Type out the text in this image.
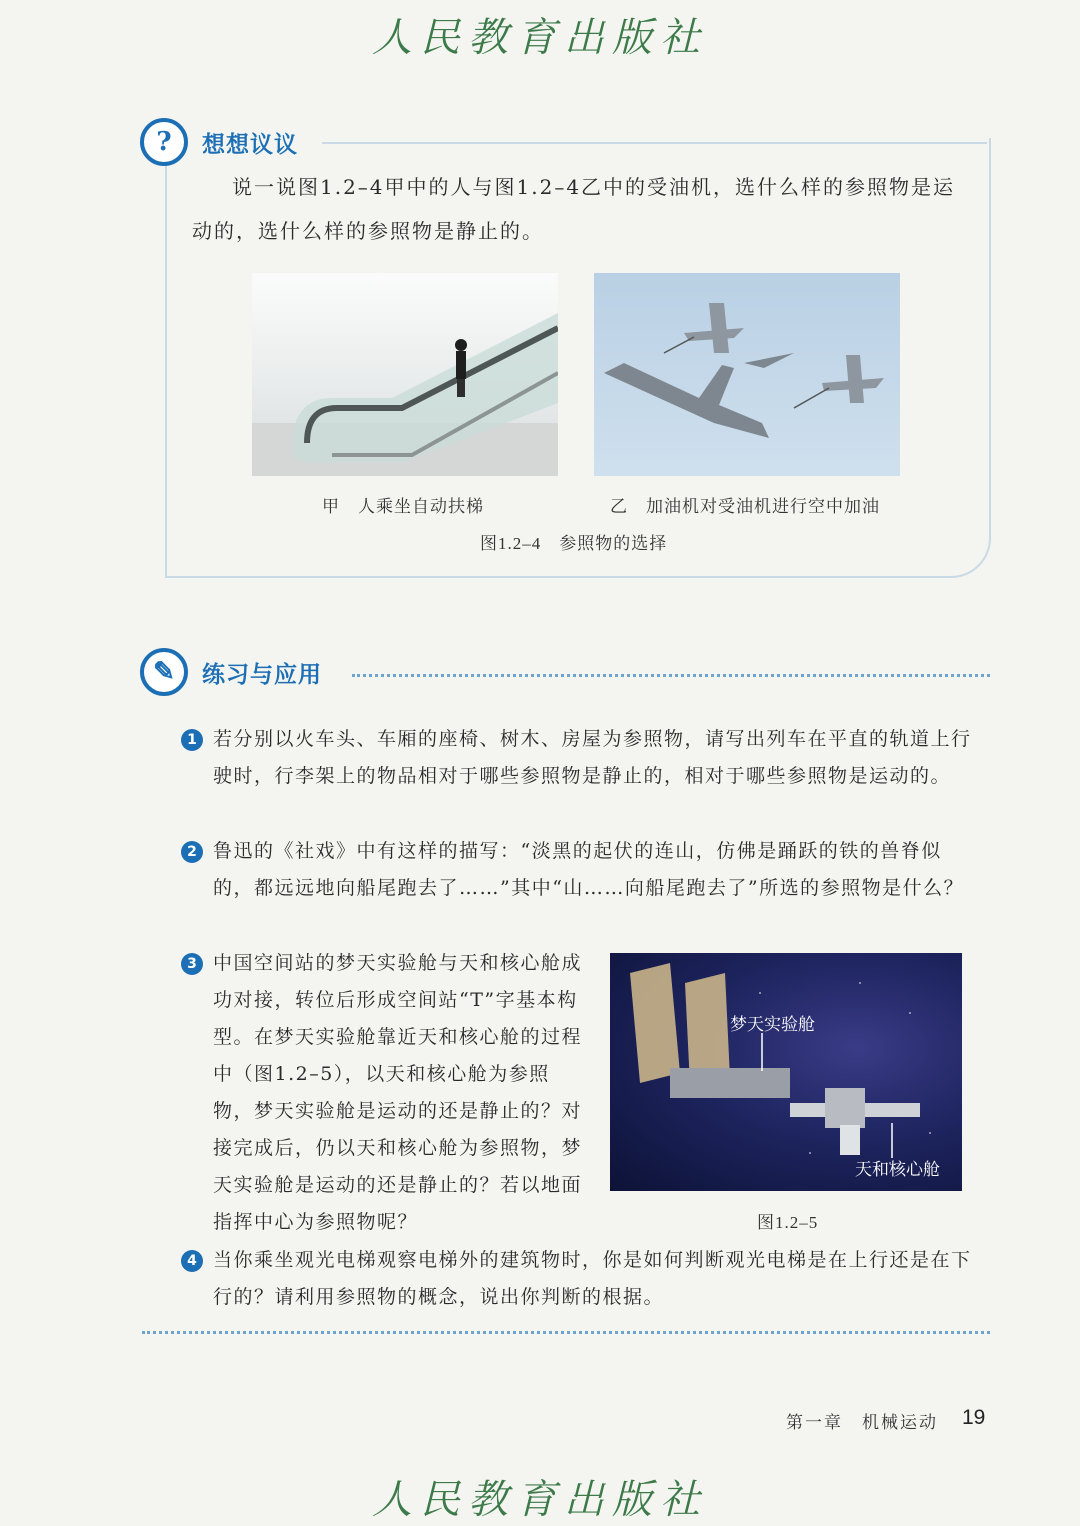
人民教育出版社
?	想想议议
说一说图1.2–4甲中的人与图1.2–4乙中的受油机，选什么样的参照物是运动的，选什么样的参照物是静止的。
甲　人乘坐自动扶梯	乙　加油机对受油机进行空中加油
图1.2–4　参照物的选择
✎	练习与应用
1 若分别以火车头、车厢的座椅、树木、房屋为参照物，请写出列车在平直的轨道上行驶时，行李架上的物品相对于哪些参照物是静止的，相对于哪些参照物是运动的。
2 鲁迅的《社戏》中有这样的描写：“淡黑的起伏的连山，仿佛是踊跃的铁的兽脊似的，都远远地向船尾跑去了……”其中“山……向船尾跑去了”所选的参照物是什么？
3 中国空间站的梦天实验舱与天和核心舱成功对接，转位后形成空间站“T”字基本构型。在梦天实验舱靠近天和核心舱的过程中（图1.2–5），以天和核心舱为参照物，梦天实验舱是运动的还是静止的？对接完成后，仍以天和核心舱为参照物，梦天实验舱是运动的还是静止的？若以地面指挥中心为参照物呢？
梦天实验舱
天和核心舱
图1.2–5
4 当你乘坐观光电梯观察电梯外的建筑物时，你是如何判断观光电梯是在上行还是在下行的？请利用参照物的概念，说出你判断的根据。
第一章　机械运动 19
人民教育出版社
